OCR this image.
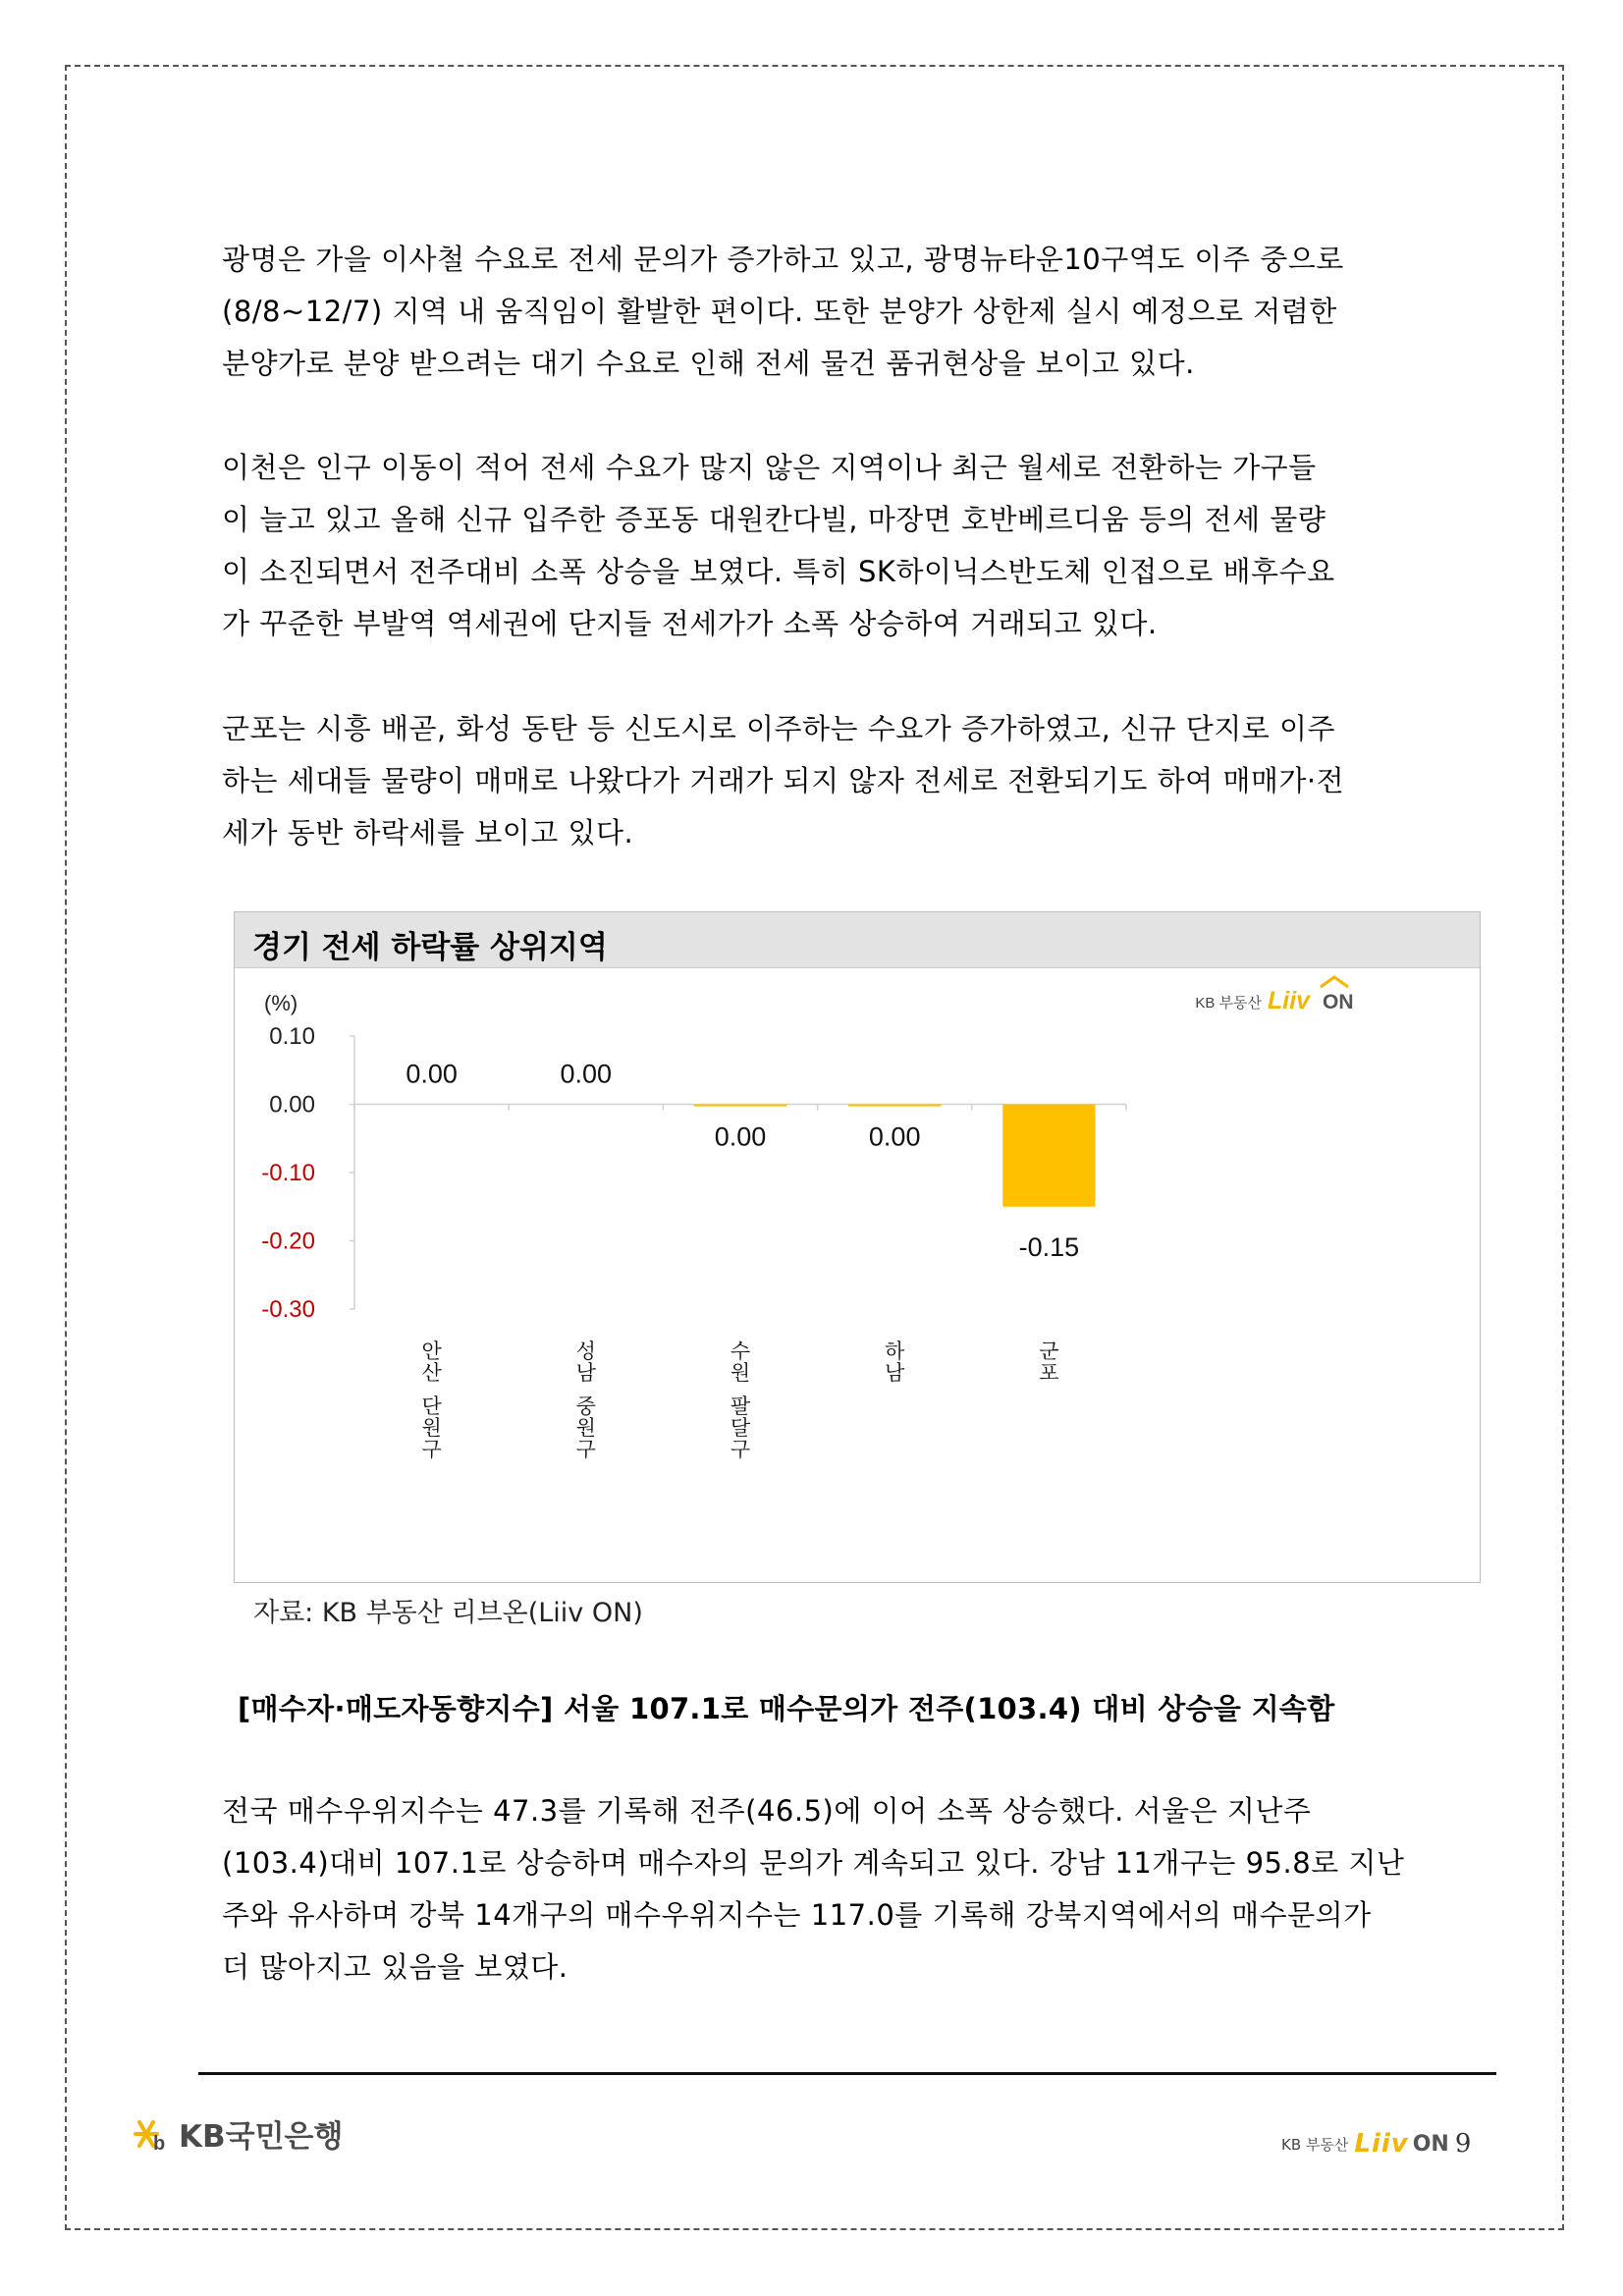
광명은 가을 이사철 수요로 전세 문의가 증가하고 있고, 광명뉴타운10구역도 이주 중으로
(8/8~12/7) 지역 내 움직임이 활발한 편이다. 또한 분양가 상한제 실시 예정으로 저렴한
분양가로 분양 받으려는 대기 수요로 인해 전세 물건 품귀현상을 보이고 있다.

이천은 인구 이동이 적어 전세 수요가 많지 않은 지역이나 최근 월세로 전환하는 가구들
이 늘고 있고 올해 신규 입주한 증포동 대원칸다빌, 마장면 호반베르디움 등의 전세 물량
이 소진되면서 전주대비 소폭 상승을 보였다. 특히 SK하이닉스반도체 인접으로 배후수요
가 꾸준한 부발역 역세권에 단지들 전세가가 소폭 상승하여 거래되고 있다.

군포는 시흥 배곧, 화성 동탄 등 신도시로 이주하는 수요가 증가하였고, 신규 단지로 이주
하는 세대들 물량이 매매로 나왔다가 거래가 되지 않자 전세로 전환되기도 하여 매매가·전
세가 동반 하락세를 보이고 있다.

경기 전세 하락률 상위지역
KB 부동산 Liiv ON
(%)
0.10
0.00
-0.10
-0.20
-0.30
0.00
안 산 단 원 구
0.00
성 남 중 원 구
0.00
수 원 팔 달 구
0.00
하 남
-0.15
군 포
자료: KB 부동산 리브온(Liiv ON)
[매수자·매도자동향지수] 서울 107.1로 매수문의가 전주(103.4) 대비 상승을 지속함

전국 매수우위지수는 47.3를 기록해 전주(46.5)에 이어 소폭 상승했다. 서울은 지난주
(103.4)대비 107.1로 상승하며 매수자의 문의가 계속되고 있다. 강남 11개구는 95.8로 지난
주와 유사하며 강북 14개구의 매수우위지수는 117.0를 기록해 강북지역에서의 매수문의가
더 많아지고 있음을 보였다.

b KB국민은행	KB 부동산 Liiv ON 9
